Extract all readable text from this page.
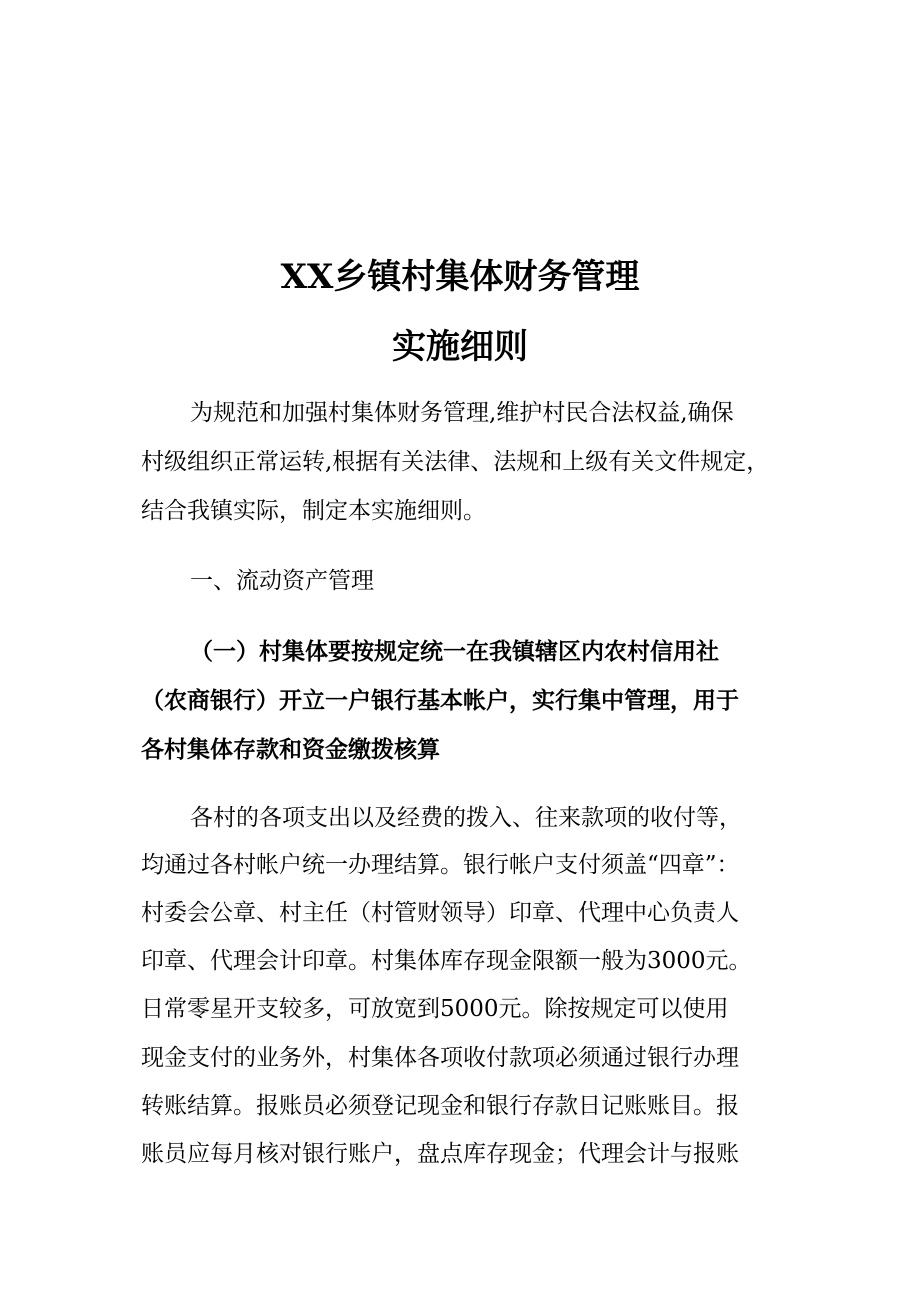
XX乡镇村集体财务管理
实施细则
为规范和加强村集体财务管理,维护村民合法权益,确保
村级组织正常运转,根据有关法律、法规和上级有关文件规定，
结合我镇实际，制定本实施细则。
一、流动资产管理
（一）村集体要按规定统一在我镇辖区内农村信用社
（农商银行）开立一户银行基本帐户，实行集中管理，用于
各村集体存款和资金缴拨核算
各村的各项支出以及经费的拨入、往来款项的收付等，
均通过各村帐户统一办理结算。银行帐户支付须盖“四章”：
村委会公章、村主任（村管财领导）印章、代理中心负责人
印章、代理会计印章。村集体库存现金限额一般为3000元。
日常零星开支较多，可放宽到5000元。除按规定可以使用
现金支付的业务外，村集体各项收付款项必须通过银行办理
转账结算。报账员必须登记现金和银行存款日记账账目。报
账员应每月核对银行账户，盘点库存现金；代理会计与报账
